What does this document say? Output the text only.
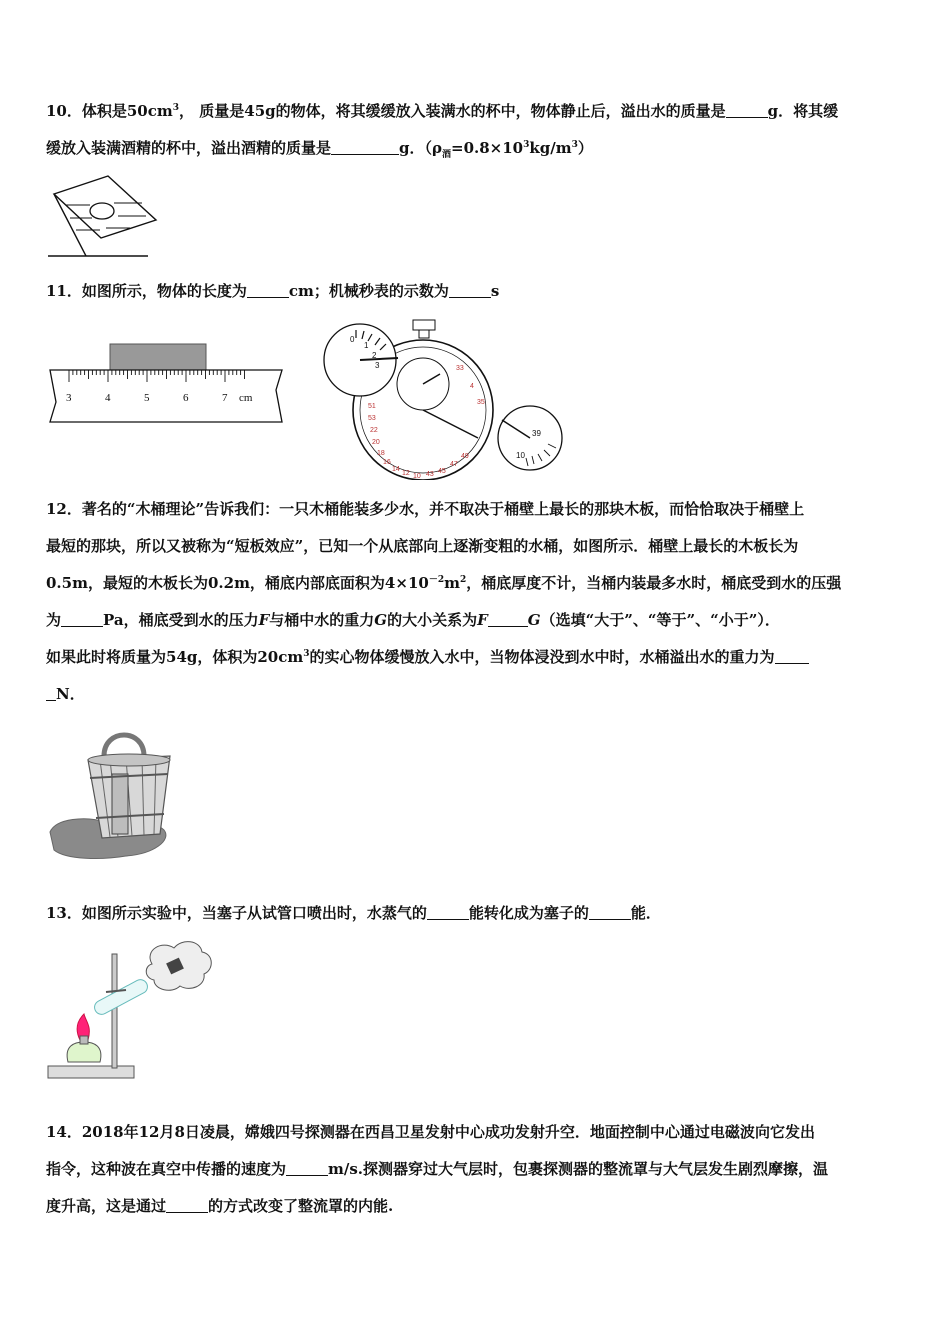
10．体积是$50cm^3$， 质量是45g的物体，将其缓缓放入装满水的杯中，物体静止后，溢出水的质量是	g．将其缓
缓放入装满酒精的杯中，溢出酒精的质量是	g．$(\rho_酒=0.8\times 10^3kg/m^3)$
11．如图所示，物体的长度为	cm；机械秒表的示数为	s
3	4	5	6	7 cm
33
4
35
51
53
22
20
18
16
14
12 10 43 45
47
49
0
1
2
3
39
10
12．著名的“木桶理论”告诉我们：一只木桶能装多少水，并不取决于桶壁上最长的那块木板，而恰恰取决于桶壁上
最短的那块，所以又被称为“短板效应”，已知一个从底部向上逐渐变粗的水桶，如图所示．桶壁上最长的木板长为
0.5m，最短的木板长为0.2m，桶底内部底面积为$4\times 10^{-2}m^2$，桶底厚度不计，当桶内装最多水时，桶底受到水的压强
为	Pa，桶底受到水的压力F与桶中水的重力G的大小关系为F	G（选填“大于”、“等于”、“小于”）．
如果此时将质量为54g，体积为$20cm^3$的实心物体缓慢放入水中，当物体浸没到水中时，水桶溢出水的重力为
N．
13．如图所示实验中，当塞子从试管口喷出时，水蒸气的	能转化成为塞子的	能．
14．2018年12月8日凌晨，嫦娥四号探测器在西昌卫星发射中心成功发射升空．地面控制中心通过电磁波向它发出
指令，这种波在真空中传播的速度为	m/s.探测器穿过大气层时，包裹探测器的整流罩与大气层发生剧烈摩擦，温
度升高，这是通过	的方式改变了整流罩的内能.
